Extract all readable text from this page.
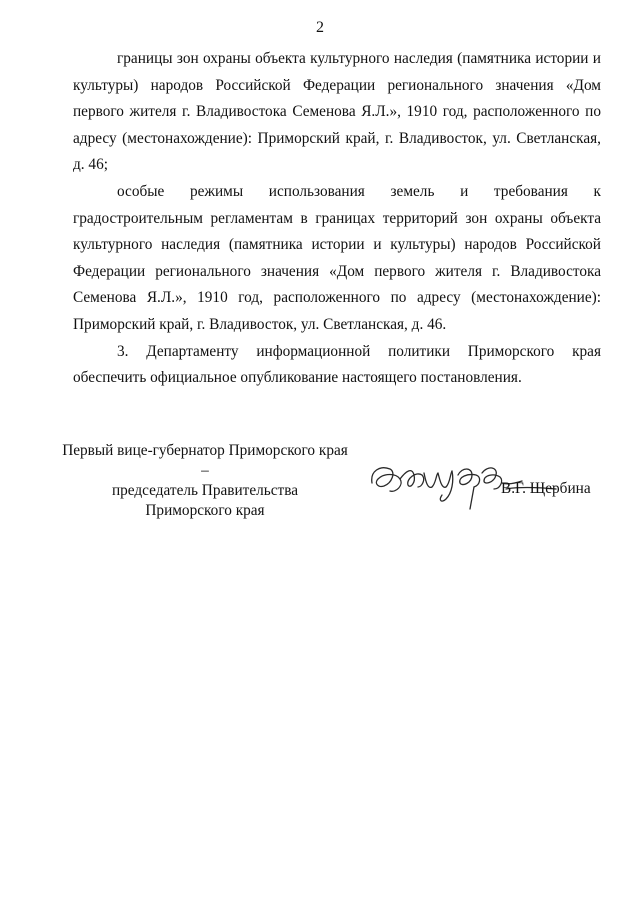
2

границы зон охраны объекта культурного наследия (памятника истории и культуры) народов Российской Федерации регионального значения «Дом первого жителя г. Владивостока Семенова Я.Л.», 1910 год, расположенного по адресу (местонахождение): Приморский край, г. Владивосток, ул. Светланская, д. 46;

особые режимы использования земель и требования к градостроительным регламентам в границах территорий зон охраны объекта культурного наследия (памятника истории и культуры) народов Российской Федерации регионального значения «Дом первого жителя г. Владивостока Семенова Я.Л.», 1910 год, расположенного по адресу (местонахождение): Приморский край, г. Владивосток, ул. Светланская, д. 46.

3. Департаменту информационной политики Приморского края обеспечить официальное опубликование настоящего постановления.

Первый вице-губернатор Приморского края –
председатель Правительства
Приморского края
В.Г. Щербина
